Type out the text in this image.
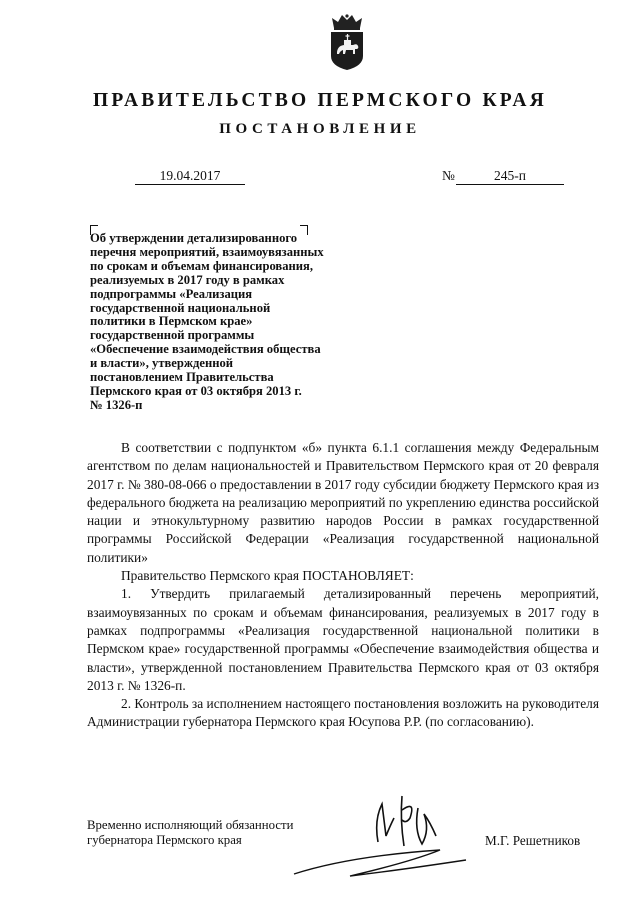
ПРАВИТЕЛЬСТВО ПЕРМСКОГО КРАЯ
ПОСТАНОВЛЕНИЕ
19.04.2017	№	245-п
Об утверждении детализированного
перечня мероприятий, взаимоувязанных
по срокам и объемам финансирования,
реализуемых в 2017 году в рамках
подпрограммы «Реализация
государственной национальной
политики в Пермском крае»
государственной программы
«Обеспечение взаимодействия общества
и власти», утвержденной
постановлением Правительства
Пермского края от 03 октября 2013 г.
№ 1326-п

В соответствии с подпунктом «б» пункта 6.1.1 соглашения между Федеральным агентством по делам национальностей и Правительством Пермского края от 20 февраля 2017 г. № 380-08-066 о предоставлении в 2017 году субсидии бюджету Пермского края из федерального бюджета на реализацию мероприятий по укреплению единства российской нации и этнокультурному развитию народов России в рамках государственной программы Российской Федерации «Реализация государственной национальной политики»

Правительство Пермского края ПОСТАНОВЛЯЕТ:

1. Утвердить прилагаемый детализированный перечень мероприятий, взаимоувязанных по срокам и объемам финансирования, реализуемых в 2017 году в рамках подпрограммы «Реализация государственной национальной политики в Пермском крае» государственной программы «Обеспечение взаимодействия общества и власти», утвержденной постановлением Правительства Пермского края от 03 октября 2013 г. № 1326-п.

2. Контроль за исполнением настоящего постановления возложить на руководителя Администрации губернатора Пермского края Юсупова Р.Р. (по согласованию).

Временно исполняющий обязанности
губернатора Пермского края	М.Г. Решетников
